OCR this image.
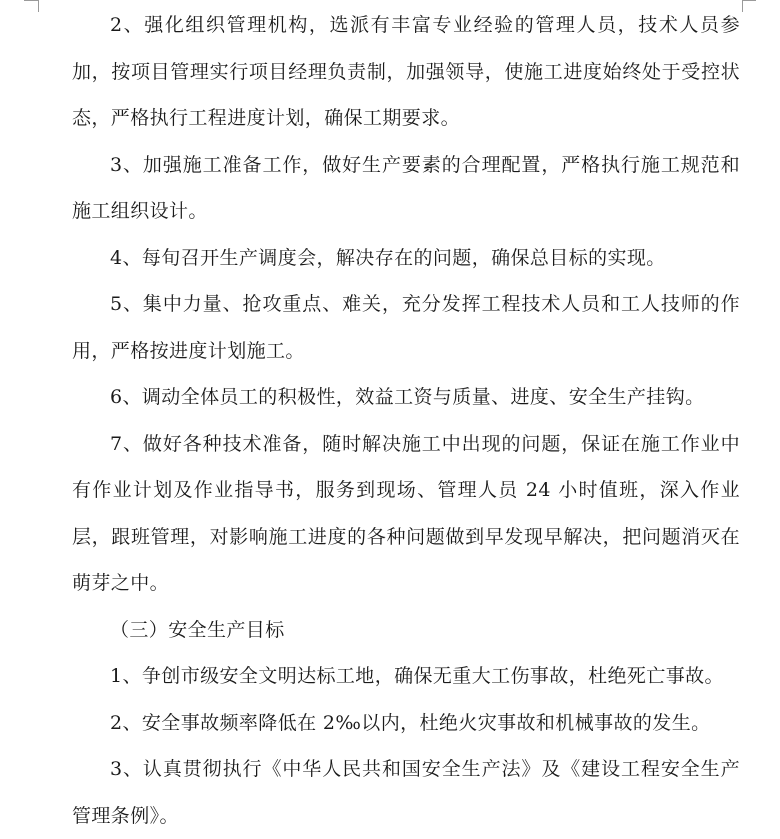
2、强化组织管理机构，选派有丰富专业经验的管理人员，技术人员参加，按项目管理实行项目经理负责制，加强领导，使施工进度始终处于受控状态，严格执行工程进度计划，确保工期要求。

3、加强施工准备工作，做好生产要素的合理配置，严格执行施工规范和施工组织设计。

4、每旬召开生产调度会，解决存在的问题，确保总目标的实现。

5、集中力量、抢攻重点、难关，充分发挥工程技术人员和工人技师的作用，严格按进度计划施工。

6、调动全体员工的积极性，效益工资与质量、进度、安全生产挂钩。

7、做好各种技术准备，随时解决施工中出现的问题，保证在施工作业中有作业计划及作业指导书，服务到现场、管理人员 24 小时值班，深入作业层，跟班管理，对影响施工进度的各种问题做到早发现早解决，把问题消灭在萌芽之中。

（三）安全生产目标

1、争创市级安全文明达标工地，确保无重大工伤事故，杜绝死亡事故。

2、安全事故频率降低在 2‰以内，杜绝火灾事故和机械事故的发生。

3、认真贯彻执行《中华人民共和国安全生产法》及《建设工程安全生产管理条例》。
